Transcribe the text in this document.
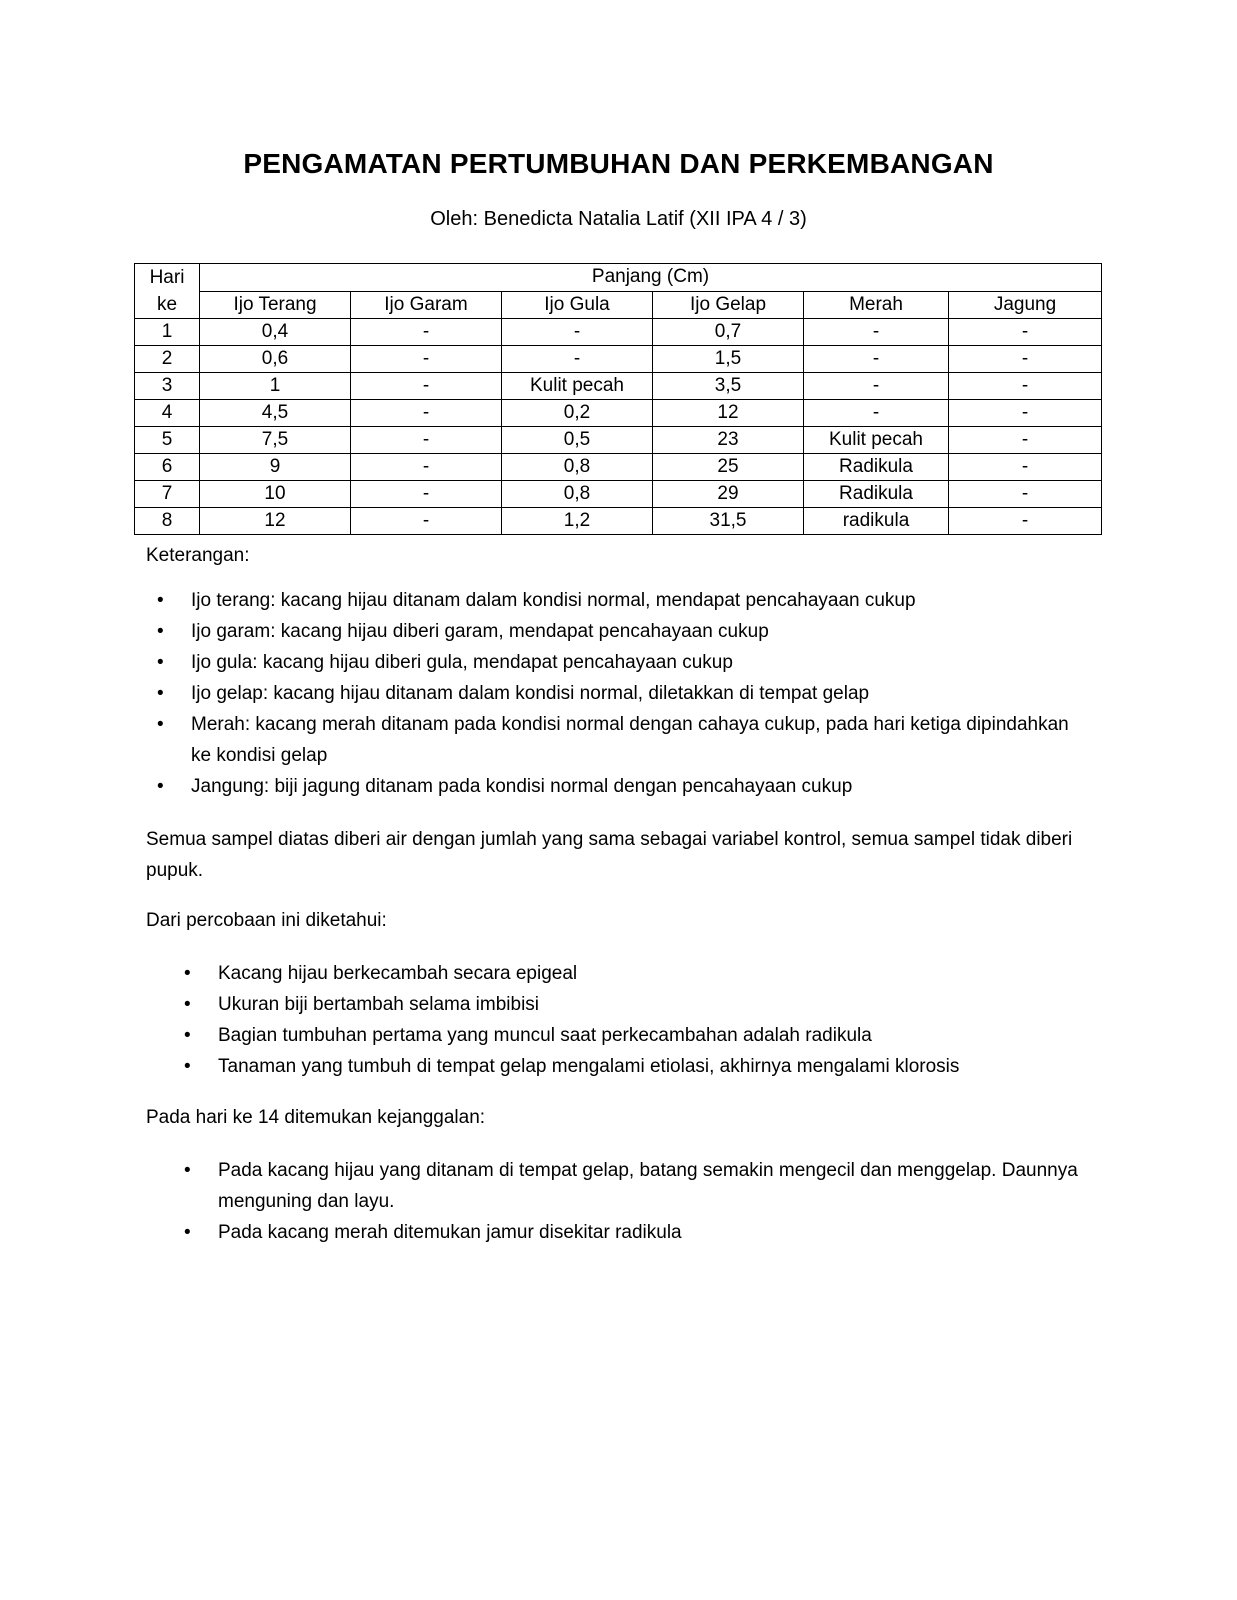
PENGAMATAN PERTUMBUHAN DAN PERKEMBANGAN

Oleh: Benedicta Natalia Latif (XII IPA 4 / 3)

Hari
ke	Panjang (Cm)					
	Ijo Terang	Ijo Garam	Ijo Gula	Ijo Gelap	Merah	Jagung
1	0,4	-	-	0,7	-	-
2	0,6	-	-	1,5	-	-
3	1	-	Kulit pecah	3,5	-	-
4	4,5	-	0,2	12	-	-
5	7,5	-	0,5	23	Kulit pecah	-
6	9	-	0,8	25	Radikula	-
7	10	-	0,8	29	Radikula	-
8	12	-	1,2	31,5	radikula	-

Keterangan:

• Ijo terang: kacang hijau ditanam dalam kondisi normal, mendapat pencahayaan cukup
• Ijo garam: kacang hijau diberi garam, mendapat pencahayaan cukup
• Ijo gula: kacang hijau diberi gula, mendapat pencahayaan cukup
• Ijo gelap: kacang hijau ditanam dalam kondisi normal, diletakkan di tempat gelap
• Merah: kacang merah ditanam pada kondisi normal dengan cahaya cukup, pada hari ketiga dipindahkan ke kondisi gelap
• Jangung: biji jagung ditanam pada kondisi normal dengan pencahayaan cukup

Semua sampel diatas diberi air dengan jumlah yang sama sebagai variabel kontrol, semua sampel tidak diberi pupuk.

Dari percobaan ini diketahui:

• Kacang hijau berkecambah secara epigeal
• Ukuran biji bertambah selama imbibisi
• Bagian tumbuhan pertama yang muncul saat perkecambahan adalah radikula
• Tanaman yang tumbuh di tempat gelap mengalami etiolasi, akhirnya mengalami klorosis

Pada hari ke 14 ditemukan kejanggalan:

• Pada kacang hijau yang ditanam di tempat gelap, batang semakin mengecil dan menggelap. Daunnya menguning dan layu.
• Pada kacang merah ditemukan jamur disekitar radikula
